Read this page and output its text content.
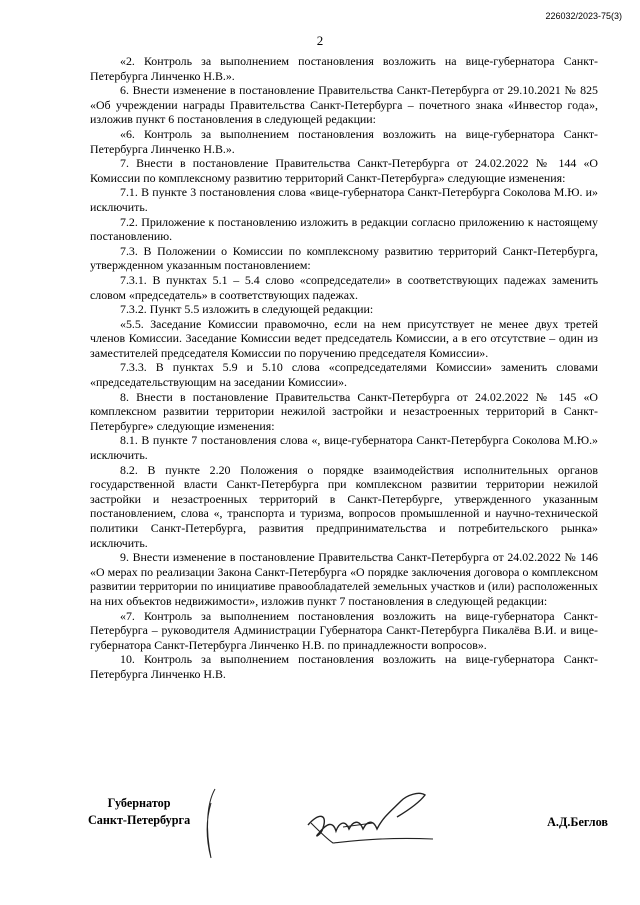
226032/2023-75(3)
2

«2. Контроль за выполнением постановления возложить на вице-губернатора Санкт-Петербурга Линченко Н.В.».

6. Внести изменение в постановление Правительства Санкт-Петербурга от 29.10.2021 № 825 «Об учреждении награды Правительства Санкт-Петербурга – почетного знака «Инвестор года», изложив пункт 6 постановления в следующей редакции:

«6. Контроль за выполнением постановления возложить на вице-губернатора Санкт-Петербурга Линченко Н.В.».

7. Внести в постановление Правительства Санкт-Петербурга от 24.02.2022 № 144 «О Комиссии по комплексному развитию территорий Санкт-Петербурга» следующие изменения:

7.1. В пункте 3 постановления слова «вице-губернатора Санкт-Петербурга Соколова М.Ю. и» исключить.

7.2. Приложение к постановлению изложить в редакции согласно приложению к настоящему постановлению.

7.3. В Положении о Комиссии по комплексному развитию территорий Санкт-Петербурга, утвержденном указанным постановлением:

7.3.1. В пунктах 5.1 – 5.4 слово «сопредседатели» в соответствующих падежах заменить словом «председатель» в соответствующих падежах.

7.3.2. Пункт 5.5 изложить в следующей редакции:

«5.5. Заседание Комиссии правомочно, если на нем присутствует не менее двух третей членов Комиссии. Заседание Комиссии ведет председатель Комиссии, а в его отсутствие – один из заместителей председателя Комиссии по поручению председателя Комиссии».

7.3.3. В пунктах 5.9 и 5.10 слова «сопредседателями Комиссии» заменить словами «председательствующим на заседании Комиссии».

8. Внести в постановление Правительства Санкт-Петербурга от 24.02.2022 № 145 «О комплексном развитии территории нежилой застройки и незастроенных территорий в Санкт-Петербурге» следующие изменения:

8.1. В пункте 7 постановления слова «, вице-губернатора Санкт-Петербурга Соколова М.Ю.» исключить.

8.2. В пункте 2.20 Положения о порядке взаимодействия исполнительных органов государственной власти Санкт-Петербурга при комплексном развитии территории нежилой застройки и незастроенных территорий в Санкт-Петербурге, утвержденного указанным постановлением, слова «, транспорта и туризма, вопросов промышленной и научно-технической политики Санкт-Петербурга, развития предпринимательства и потребительского рынка» исключить.

9. Внести изменение в постановление Правительства Санкт-Петербурга от 24.02.2022 № 146 «О мерах по реализации Закона Санкт-Петербурга «О порядке заключения договора о комплексном развитии территории по инициативе правообладателей земельных участков и (или) расположенных на них объектов недвижимости», изложив пункт 7 постановления в следующей редакции:

«7. Контроль за выполнением постановления возложить на вице-губернатора Санкт-Петербурга – руководителя Администрации Губернатора Санкт-Петербурга Пикалёва В.И. и вице-губернатора Санкт-Петербурга Линченко Н.В. по принадлежности вопросов».

10. Контроль за выполнением постановления возложить на вице-губернатора Санкт-Петербурга Линченко Н.В.

Губернатор
Санкт-Петербурга	А.Д.Беглов
